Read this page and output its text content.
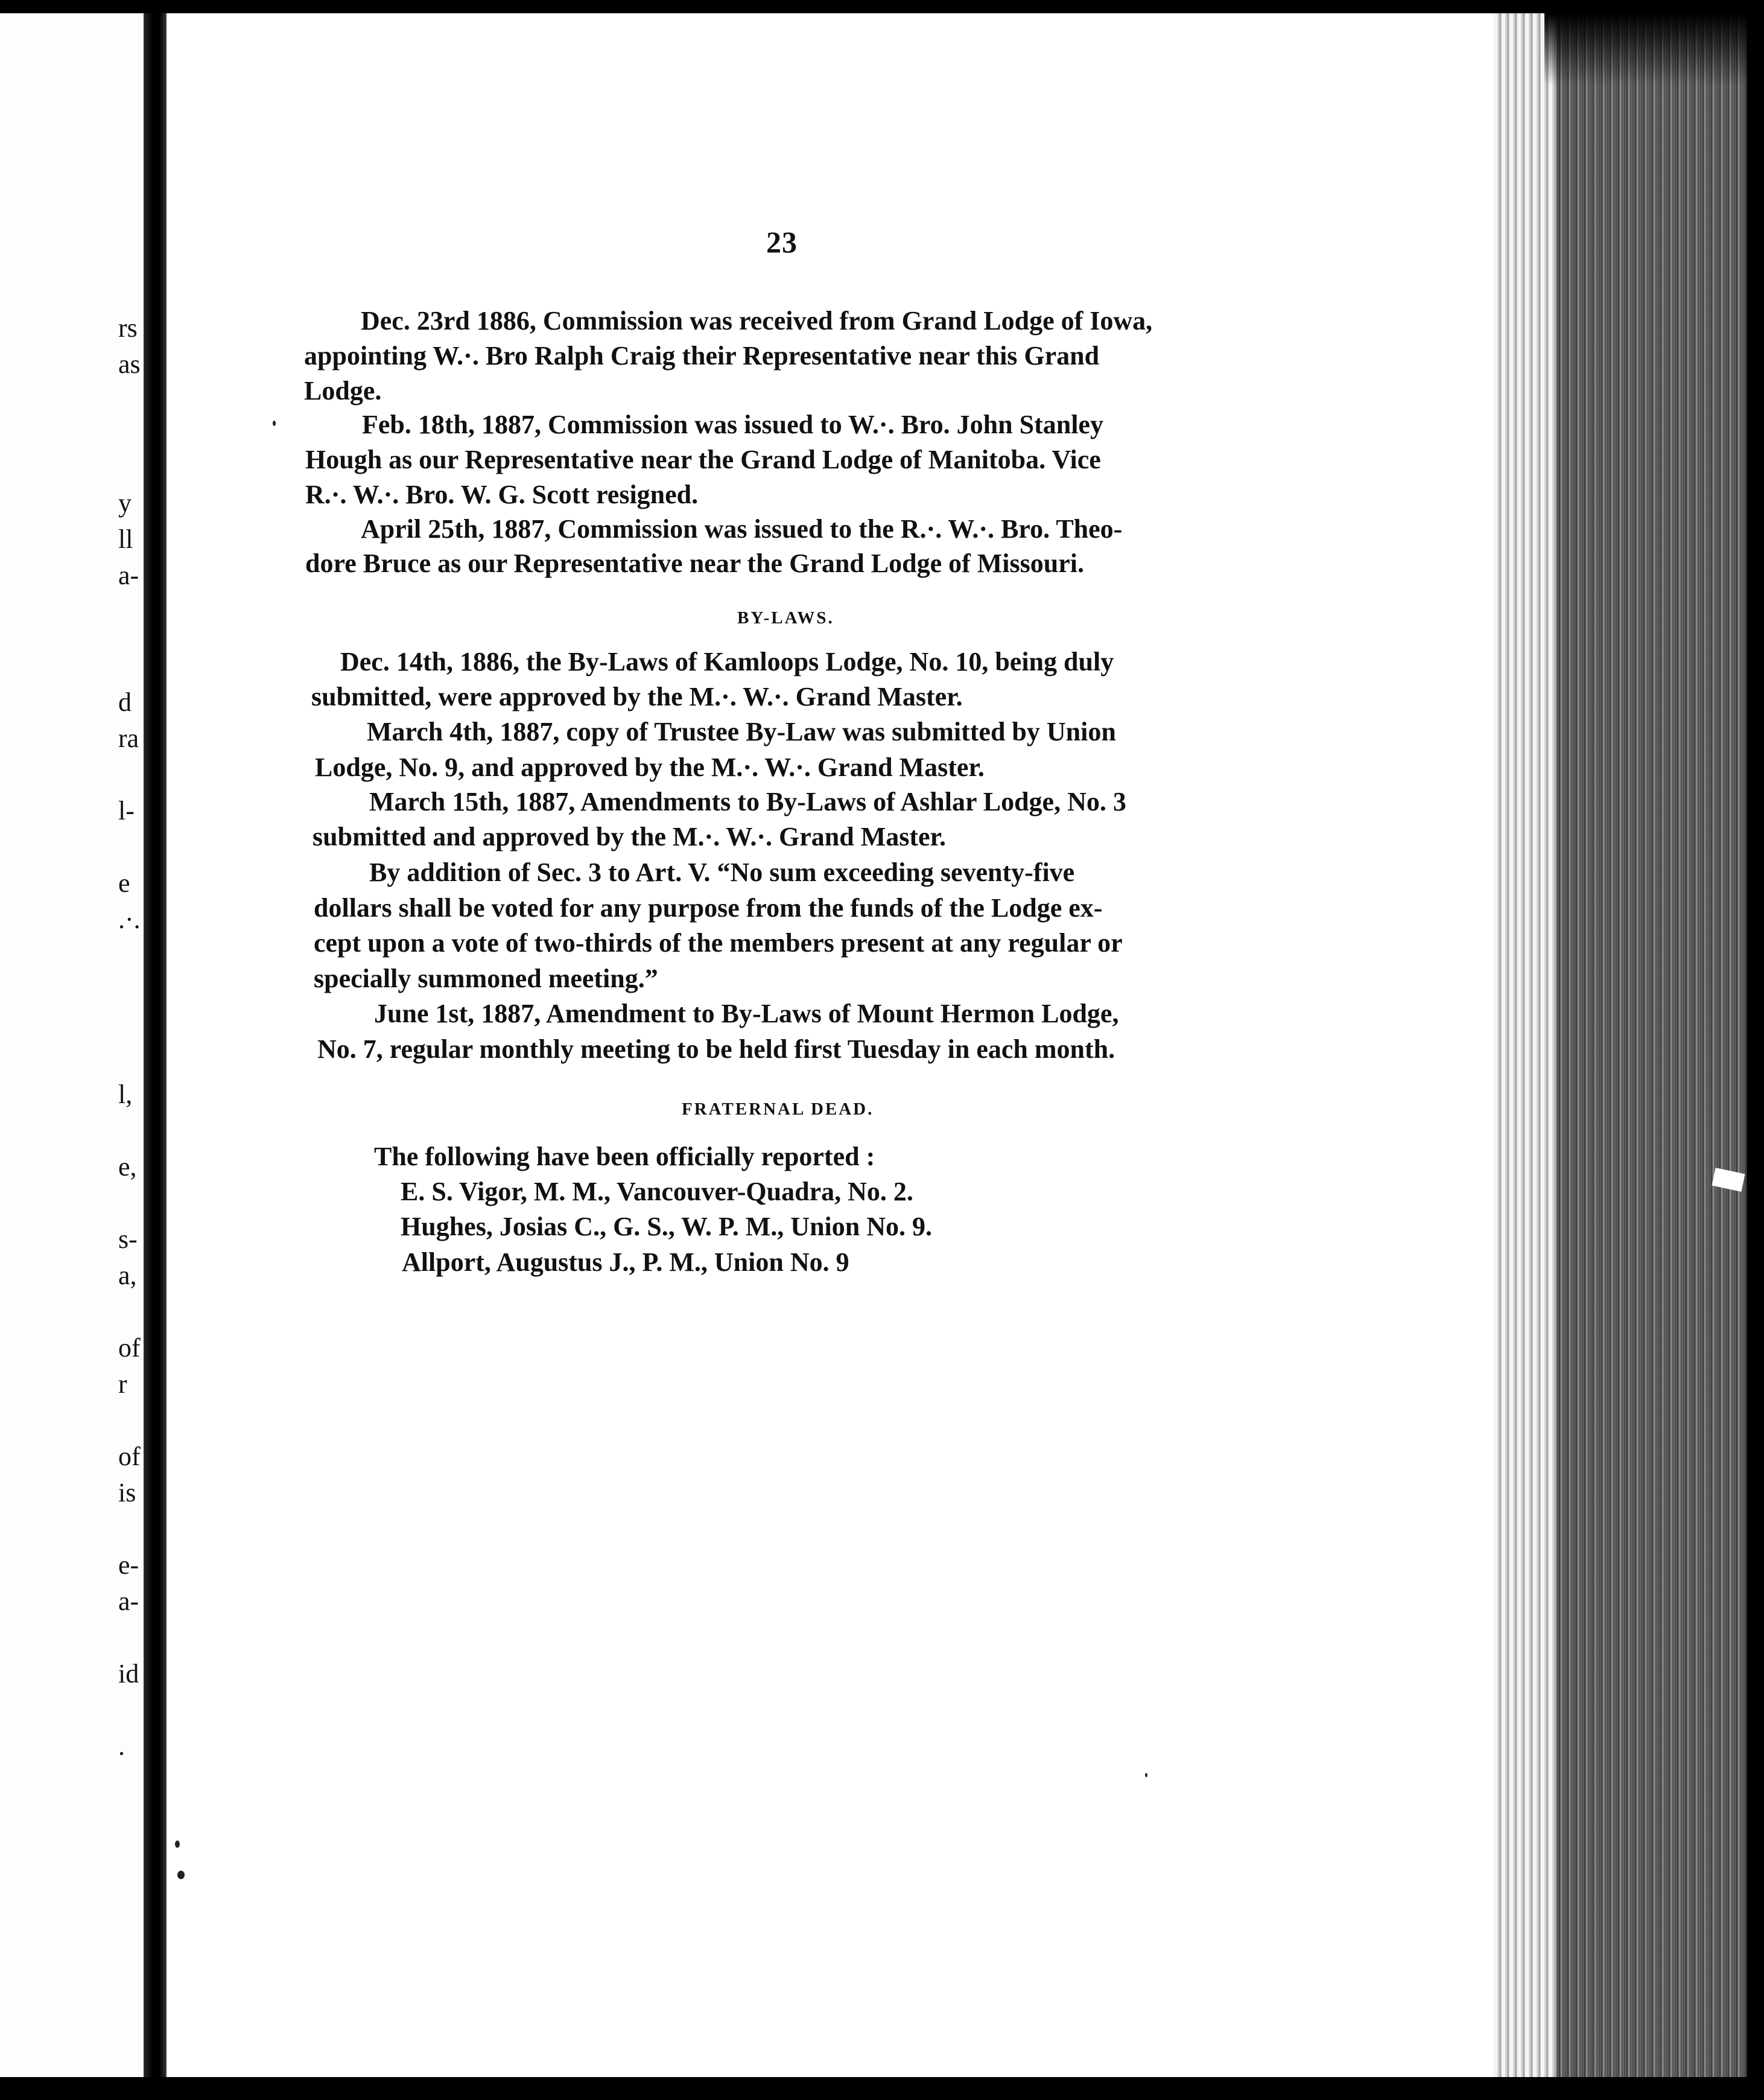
rs
as
y
ll
a-
d
ra
l-
e
.·.
l,
e,
s-
a,
of
r
of
is
e-
a-
id
.
23
Dec. 23rd 1886, Commission was received from Grand Lodge of Iowa,
appointing W.·. Bro Ralph Craig their Representative near this Grand
Lodge.
Feb. 18th, 1887, Commission was issued to W.·. Bro. John Stanley
Hough as our Representative near the Grand Lodge of Manitoba. Vice
R.·. W.·. Bro. W. G. Scott resigned.
April 25th, 1887, Commission was issued to the R.·. W.·. Bro. Theo-
dore Bruce as our Representative near the Grand Lodge of Missouri.
BY-LAWS.
Dec. 14th, 1886, the By-Laws of Kamloops Lodge, No. 10, being duly
submitted, were approved by the M.·. W.·. Grand Master.
March 4th, 1887, copy of Trustee By-Law was submitted by Union
Lodge, No. 9, and approved by the M.·. W.·. Grand Master.
March 15th, 1887, Amendments to By-Laws of Ashlar Lodge, No. 3
submitted and approved by the M.·. W.·. Grand Master.
By addition of Sec. 3 to Art. V. “No sum exceeding seventy-five
dollars shall be voted for any purpose from the funds of the Lodge ex-
cept upon a vote of two-thirds of the members present at any regular or
specially summoned meeting.”
June 1st, 1887, Amendment to By-Laws of Mount Hermon Lodge,
No. 7, regular monthly meeting to be held first Tuesday in each month.
FRATERNAL DEAD.
The following have been officially reported :
E. S. Vigor, M. M., Vancouver-Quadra, No. 2.
Hughes, Josias C., G. S., W. P. M., Union No. 9.
Allport, Augustus J., P. M., Union No. 9
